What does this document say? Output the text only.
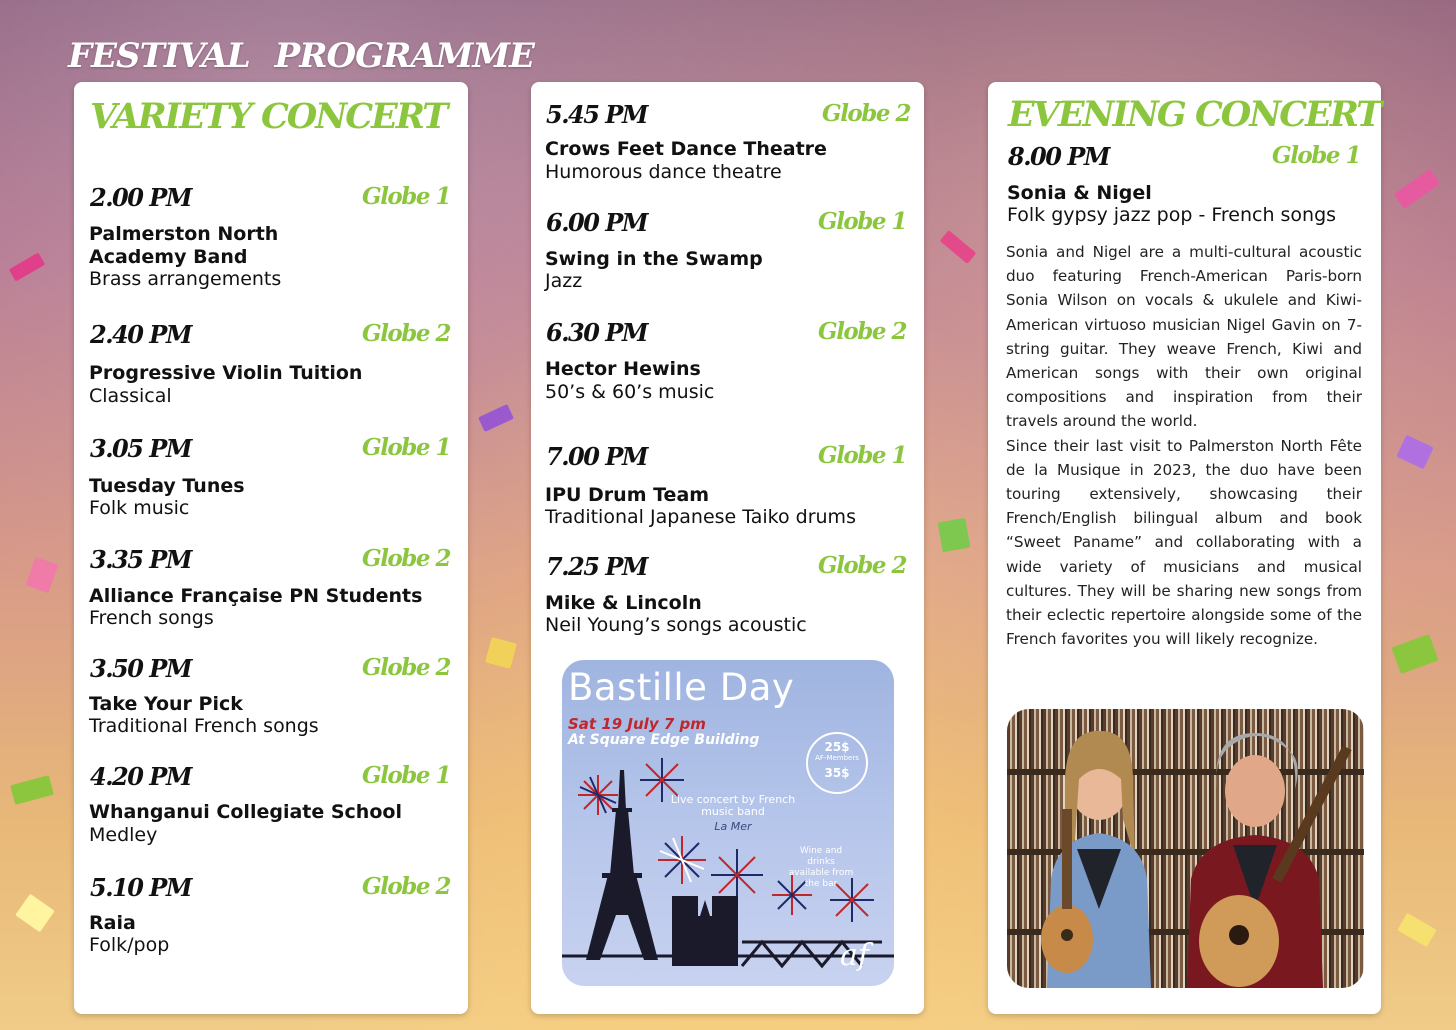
FESTIVAL PROGRAMME
VARIETY CONCERT
2.00 PM	Globe 1
Palmerston North
Academy Band
Brass arrangements
2.40 PM	Globe 2
Progressive Violin Tuition
Classical
3.05 PM	Globe 1
Tuesday Tunes
Folk music
3.35 PM	Globe 2
Alliance Française PN Students
French songs
3.50 PM	Globe 2
Take Your Pick
Traditional French songs
4.20 PM	Globe 1
Whanganui Collegiate School
Medley
5.10 PM	Globe 2
Raia
Folk/pop
5.45 PM	Globe 2
Crows Feet Dance Theatre
Humorous dance theatre
6.00 PM	Globe 1
Swing in the Swamp
Jazz
6.30 PM	Globe 2
Hector Hewins
50’s & 60’s music
7.00 PM	Globe 1
IPU Drum Team
Traditional Japanese Taiko drums
7.25 PM	Globe 2
Mike & Lincoln
Neil Young’s songs acoustic
Bastille Day
Sat 19 July 7 pm
At Square Edge Building	25$
AF-Members
35$
Live concert by French music band
La Mer
Wine and drinks available from the bar
af
EVENING CONCERT
8.00 PM	Globe 1
Sonia & Nigel
Folk gypsy jazz pop - French songs

Sonia and Nigel are a multi-cultural acoustic duo featuring French-American Paris-born Sonia Wilson on vocals & ukulele and Kiwi-American virtuoso musician Nigel Gavin on 7-string guitar. They weave French, Kiwi and American songs with their own original compositions and inspiration from their travels around the world.

Since their last visit to Palmerston North Fête de la Musique in 2023, the duo have been touring extensively, showcasing their French/English bilingual album and book “Sweet Paname” and collaborating with a wide variety of musicians and musical cultures. They will be sharing new songs from their eclectic repertoire alongside some of the French favorites you will likely recognize.
